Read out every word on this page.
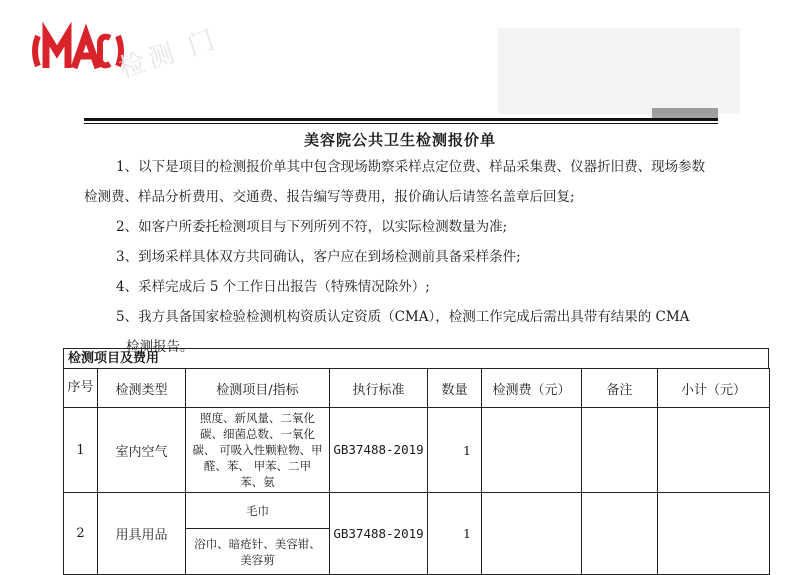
检测 门
美容院公共卫生检测报价单

1、以下是项目的检测报价单其中包含现场勘察采样点定位费、样品采集费、仪器折旧费、现场参数检测费、样品分析费用、交通费、报告编写等费用，报价确认后请签名盖章后回复;

2、如客户所委托检测项目与下列所列不符，以实际检测数量为准;

3、到场采样具体双方共同确认，客户应在到场检测前具备采样条件;

4、采样完成后 5 个工作日出报告（特殊情况除外）;

5、我方具备国家检验检测机构资质认定资质（CMA），检测工作完成后需出具带有结果的 CMA

检测报告。

检测项目及费用
序号	检测类型	检测项目/指标	执行标准	数量	检测费（元）	备注	小计（元）
1	室内空气	照度、新风量、二氧化碳、细菌总数、一氧化碳、 可吸入性颗粒物、甲醛、苯、 甲苯、二甲 苯、氨	GB37488-2019	1			
2	用具用品	毛巾	GB37488-2019	1			
		浴巾、暗疮针、美容钳、美容剪					
